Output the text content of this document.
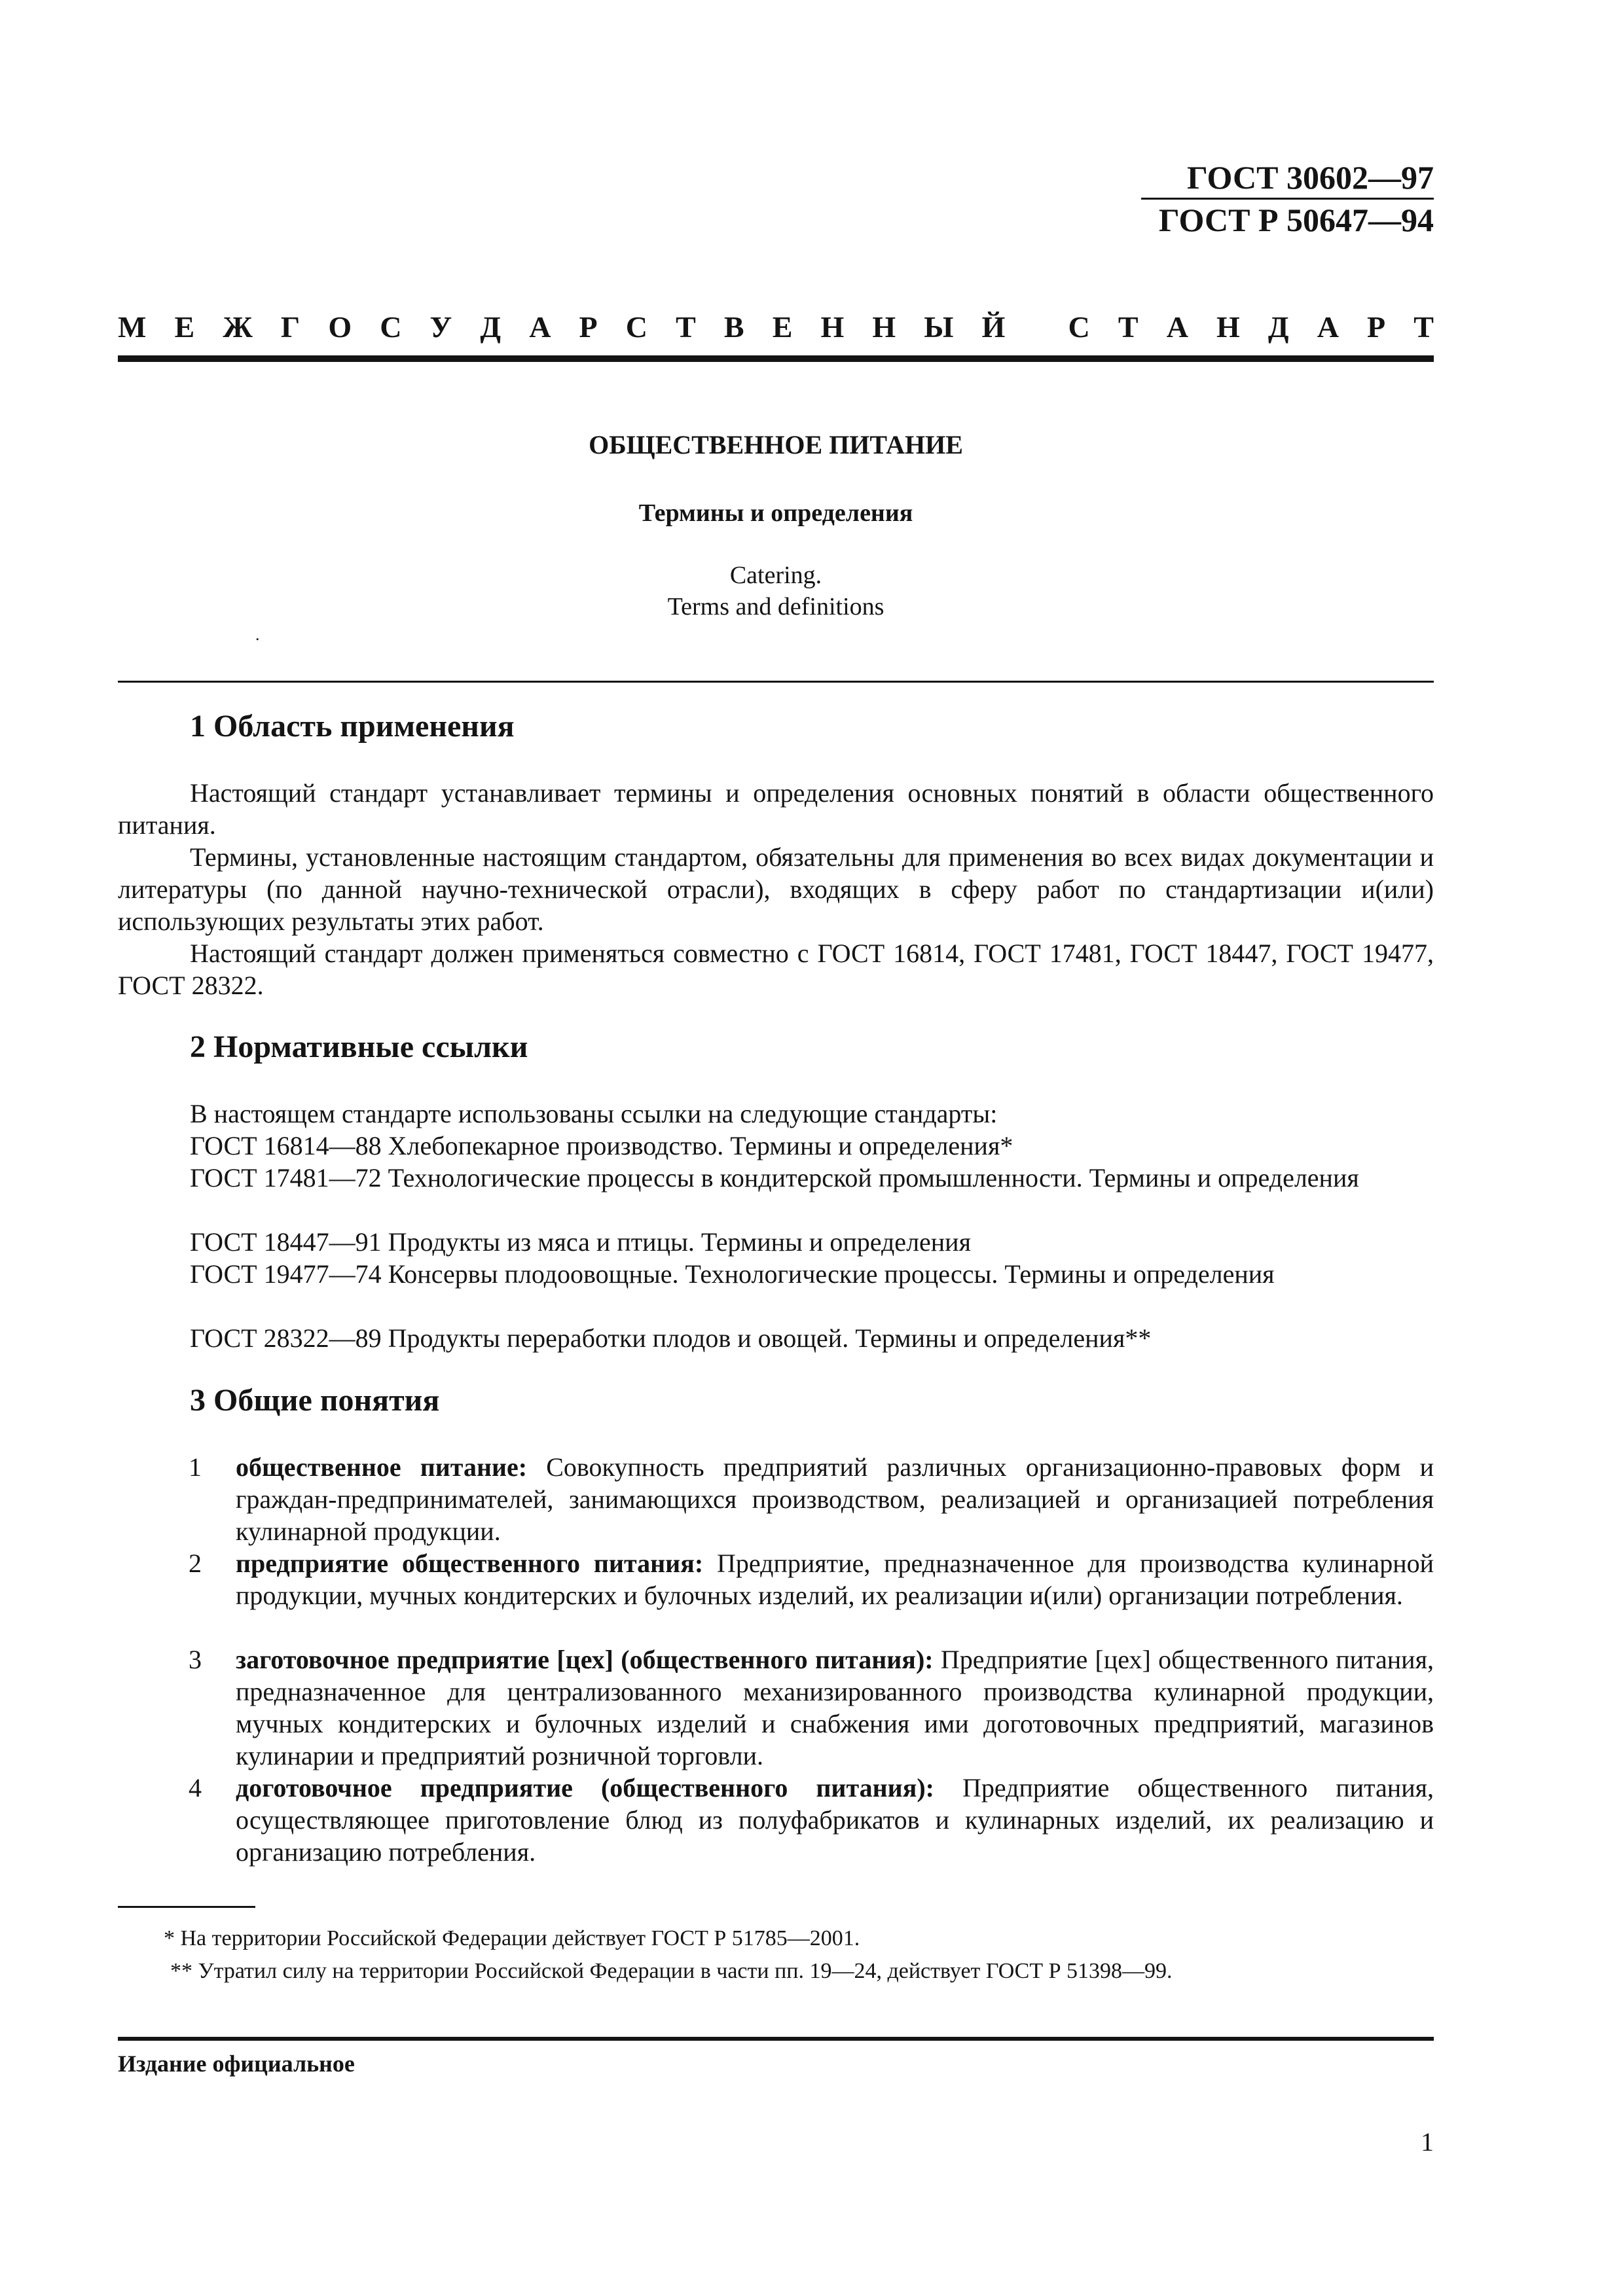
ГОСТ 30602—97
ГОСТ Р 50647—94
М Е Ж Г О С У Д А Р С Т В Е Н Н Ы Й С Т А Н Д А Р Т
ОБЩЕСТВЕННОЕ ПИТАНИЕ
Термины и определения
Catering.
Terms and definitions
.
1 Область применения
Настоящий стандарт устанавливает термины и определения основных понятий в области общественного питания.
Термины, установленные настоящим стандартом, обязательны для применения во всех видах документации и литературы (по данной научно-технической отрасли), входящих в сферу работ по стандартизации и(или) использующих результаты этих работ.
Настоящий стандарт должен применяться совместно с ГОСТ 16814, ГОСТ 17481, ГОСТ 18447, ГОСТ 19477, ГОСТ 28322.
2 Нормативные ссылки
В настоящем стандарте использованы ссылки на следующие стандарты:
ГОСТ 16814—88 Хлебопекарное производство. Термины и определения*
ГОСТ 17481—72 Технологические процессы в кондитерской промышленности. Термины и определения
ГОСТ 18447—91 Продукты из мяса и птицы. Термины и определения
ГОСТ 19477—74 Консервы плодоовощные. Технологические процессы. Термины и определения
ГОСТ 28322—89 Продукты переработки плодов и овощей. Термины и определения**
3 Общие понятия
1 общественное питание: Совокупность предприятий различных организационно-правовых форм и граждан-предпринимателей, занимающихся производством, реализацией и организацией потребления кулинарной продукции.
2 предприятие общественного питания: Предприятие, предназначенное для производства кулинарной продукции, мучных кондитерских и булочных изделий, их реализации и(или) организации потребления.
3 заготовочное предприятие [цех] (общественного питания): Предприятие [цех] общественного питания, предназначенное для централизованного механизированного производства кулинарной продукции, мучных кондитерских и булочных изделий и снабжения ими доготовочных предприятий, магазинов кулинарии и предприятий розничной торговли.
4 доготовочное предприятие (общественного питания): Предприятие общественного питания, осуществляющее приготовление блюд из полуфабрикатов и кулинарных изделий, их реализацию и организацию потребления.
* На территории Российской Федерации действует ГОСТ Р 51785—2001.
** Утратил силу на территории Российской Федерации в части пп. 19—24, действует ГОСТ Р 51398—99.
Издание официальное
1
